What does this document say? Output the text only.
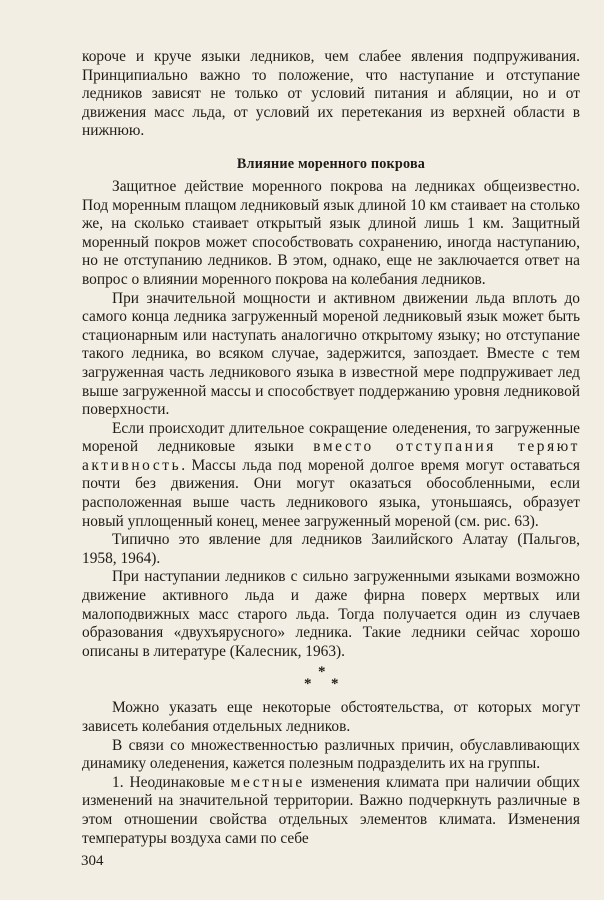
короче и круче языки ледников, чем слабее явления подпруживания. Принципиально важно то положение, что наступание и отступание ледников зависят не только от условий питания и абляции, но и от движения масс льда, от условий их перетекания из верхней области в нижнюю.

Влияние моренного покрова

Защитное действие моренного покрова на ледниках общеизвестно. Под моренным плащом ледниковый язык длиной 10 км стаивает на столько же, на сколько стаивает открытый язык длиной лишь 1 км. Защитный моренный покров может способствовать сохранению, иногда наступанию, но не отступанию ледников. В этом, однако, еще не заключается ответ на вопрос о влиянии моренного покрова на колебания ледников.

При значительной мощности и активном движении льда вплоть до самого конца ледника загруженный мореной ледниковый язык может быть стационарным или наступать аналогично открытому языку; но отступание такого ледника, во всяком случае, задержится, запоздает. Вместе с тем загруженная часть ледникового языка в известной мере подпруживает лед выше загруженной массы и способствует поддержанию уровня ледниковой поверхности.

Если происходит длительное сокращение оледенения, то загруженные мореной ледниковые языки вместо отступания теряют активность. Массы льда под мореной долгое время могут оставаться почти без движения. Они могут оказаться обособленными, если расположенная выше часть ледникового языка, утоньшаясь, образует новый уплощенный конец, менее загруженный мореной (см. рис. 63).

Типично это явление для ледников Заилийского Алатау (Пальгов, 1958, 1964).

При наступании ледников с сильно загруженными языками возможно движение активного льда и даже фирна поверх мертвых или малоподвижных масс старого льда. Тогда получается один из случаев образования «двухъярусного» ледника. Такие ледники сейчас хорошо описаны в литературе (Калесник, 1963).

*
* *

Можно указать еще некоторые обстоятельства, от которых могут зависеть колебания отдельных ледников.

В связи со множественностью различных причин, обуславливающих динамику оледенения, кажется полезным подразделить их на группы.

1. Неодинаковые местные изменения климата при наличии общих изменений на значительной территории. Важно подчеркнуть различные в этом отношении свойства отдельных элементов климата. Изменения температуры воздуха сами по себе

304
